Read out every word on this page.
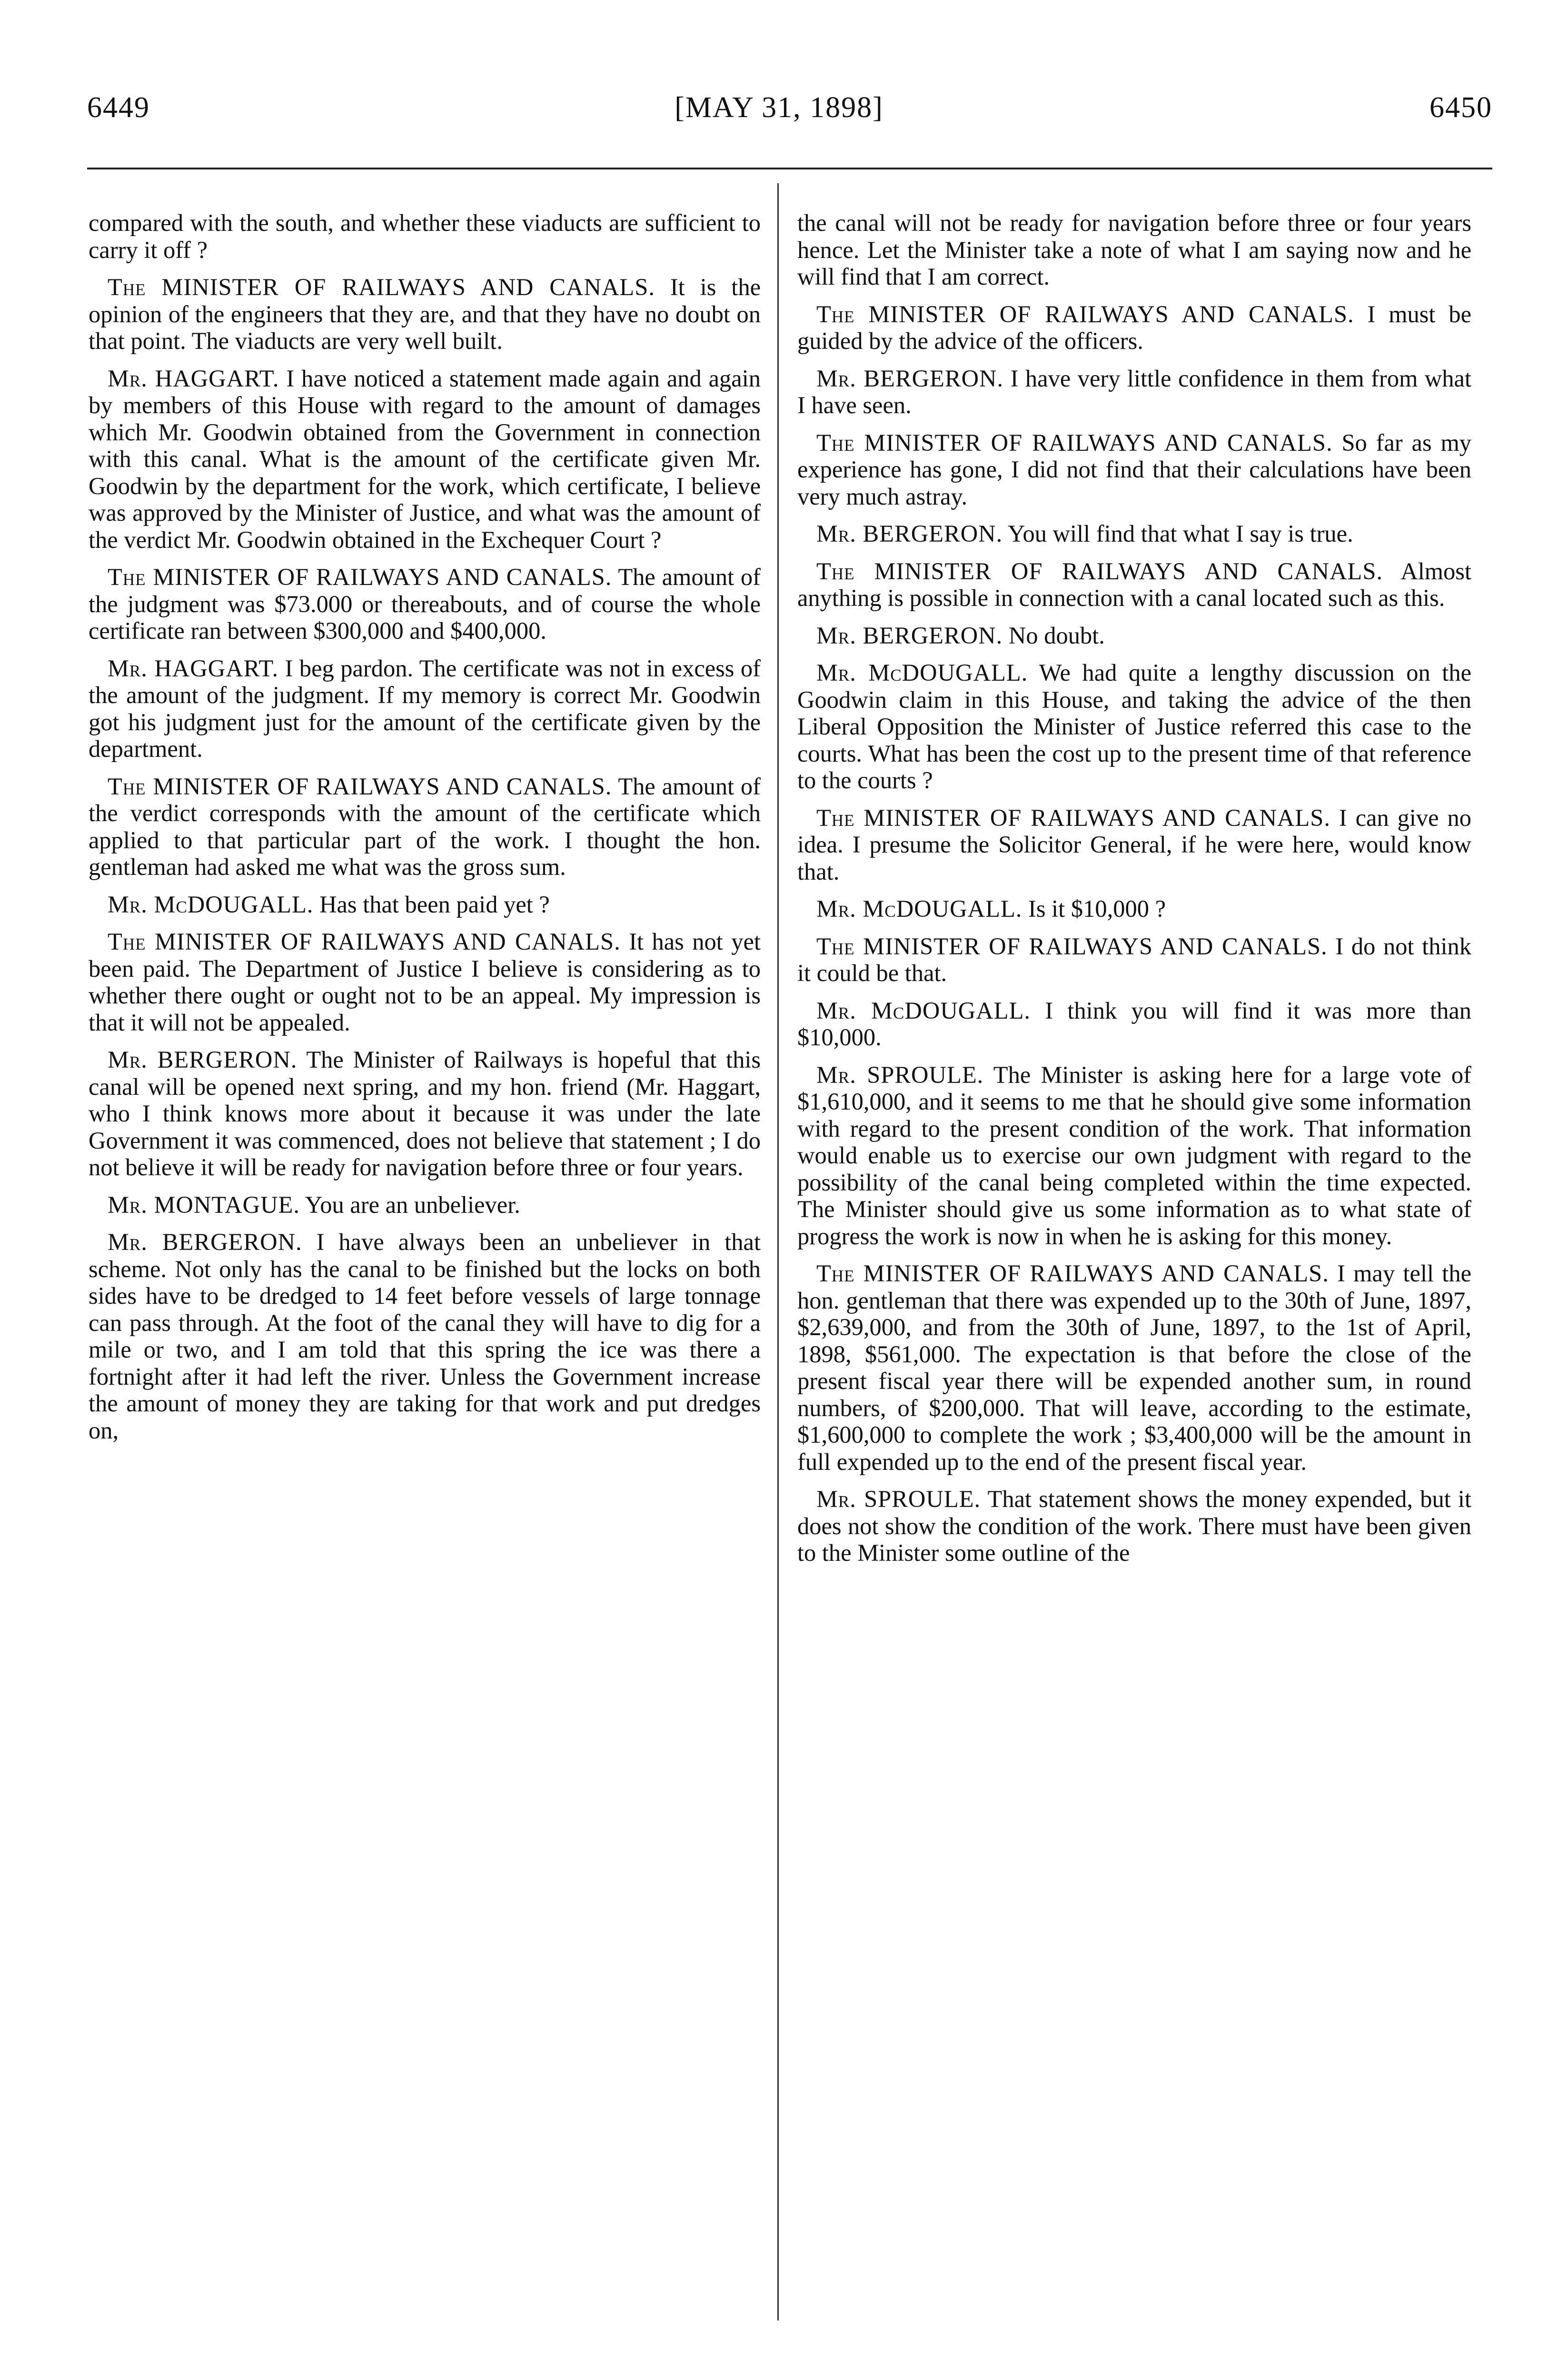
6449	[MAY 31, 1898]	6450

compared with the south, and whether these viaducts are sufficient to carry it off ?

The MINISTER OF RAILWAYS AND CANALS. It is the opinion of the engineers that they are, and that they have no doubt on that point. The viaducts are very well built.

Mr. HAGGART. I have noticed a statement made again and again by members of this House with regard to the amount of damages which Mr. Goodwin obtained from the Government in connection with this canal. What is the amount of the certificate given Mr. Goodwin by the department for the work, which certificate, I believe was approved by the Minister of Justice, and what was the amount of the verdict Mr. Goodwin obtained in the Exchequer Court ?

The MINISTER OF RAILWAYS AND CANALS. The amount of the judgment was $73.000 or thereabouts, and of course the whole certificate ran between $300,000 and $400,000.

Mr. HAGGART. I beg pardon. The certificate was not in excess of the amount of the judgment. If my memory is correct Mr. Goodwin got his judgment just for the amount of the certificate given by the department.

The MINISTER OF RAILWAYS AND CANALS. The amount of the verdict corresponds with the amount of the certificate which applied to that particular part of the work. I thought the hon. gentleman had asked me what was the gross sum.

Mr. McDOUGALL. Has that been paid yet ?

The MINISTER OF RAILWAYS AND CANALS. It has not yet been paid. The Department of Justice I believe is considering as to whether there ought or ought not to be an appeal. My impression is that it will not be appealed.

Mr. BERGERON. The Minister of Railways is hopeful that this canal will be opened next spring, and my hon. friend (Mr. Haggart, who I think knows more about it because it was under the late Government it was commenced, does not believe that statement ; I do not believe it will be ready for navigation before three or four years.

Mr. MONTAGUE. You are an unbeliever.

Mr. BERGERON. I have always been an unbeliever in that scheme. Not only has the canal to be finished but the locks on both sides have to be dredged to 14 feet before vessels of large tonnage can pass through. At the foot of the canal they will have to dig for a mile or two, and I am told that this spring the ice was there a fortnight after it had left the river. Unless the Government increase the amount of money they are taking for that work and put dredges on,

the canal will not be ready for navigation before three or four years hence. Let the Minister take a note of what I am saying now and he will find that I am correct.

The MINISTER OF RAILWAYS AND CANALS. I must be guided by the advice of the officers.

Mr. BERGERON. I have very little confidence in them from what I have seen.

The MINISTER OF RAILWAYS AND CANALS. So far as my experience has gone, I did not find that their calculations have been very much astray.

Mr. BERGERON. You will find that what I say is true.

The MINISTER OF RAILWAYS AND CANALS. Almost anything is possible in connection with a canal located such as this.

Mr. BERGERON. No doubt.

Mr. McDOUGALL. We had quite a lengthy discussion on the Goodwin claim in this House, and taking the advice of the then Liberal Opposition the Minister of Justice referred this case to the courts. What has been the cost up to the present time of that reference to the courts ?

The MINISTER OF RAILWAYS AND CANALS. I can give no idea. I presume the Solicitor General, if he were here, would know that.

Mr. McDOUGALL. Is it $10,000 ?

The MINISTER OF RAILWAYS AND CANALS. I do not think it could be that.

Mr. McDOUGALL. I think you will find it was more than $10,000.

Mr. SPROULE. The Minister is asking here for a large vote of $1,610,000, and it seems to me that he should give some information with regard to the present condition of the work. That information would enable us to exercise our own judgment with regard to the possibility of the canal being completed within the time expected. The Minister should give us some information as to what state of progress the work is now in when he is asking for this money.

The MINISTER OF RAILWAYS AND CANALS. I may tell the hon. gentleman that there was expended up to the 30th of June, 1897, $2,639,000, and from the 30th of June, 1897, to the 1st of April, 1898, $561,000. The expectation is that before the close of the present fiscal year there will be expended another sum, in round numbers, of $200,000. That will leave, according to the estimate, $1,600,000 to complete the work ; $3,400,000 will be the amount in full expended up to the end of the present fiscal year.

Mr. SPROULE. That statement shows the money expended, but it does not show the condition of the work. There must have been given to the Minister some outline of the
